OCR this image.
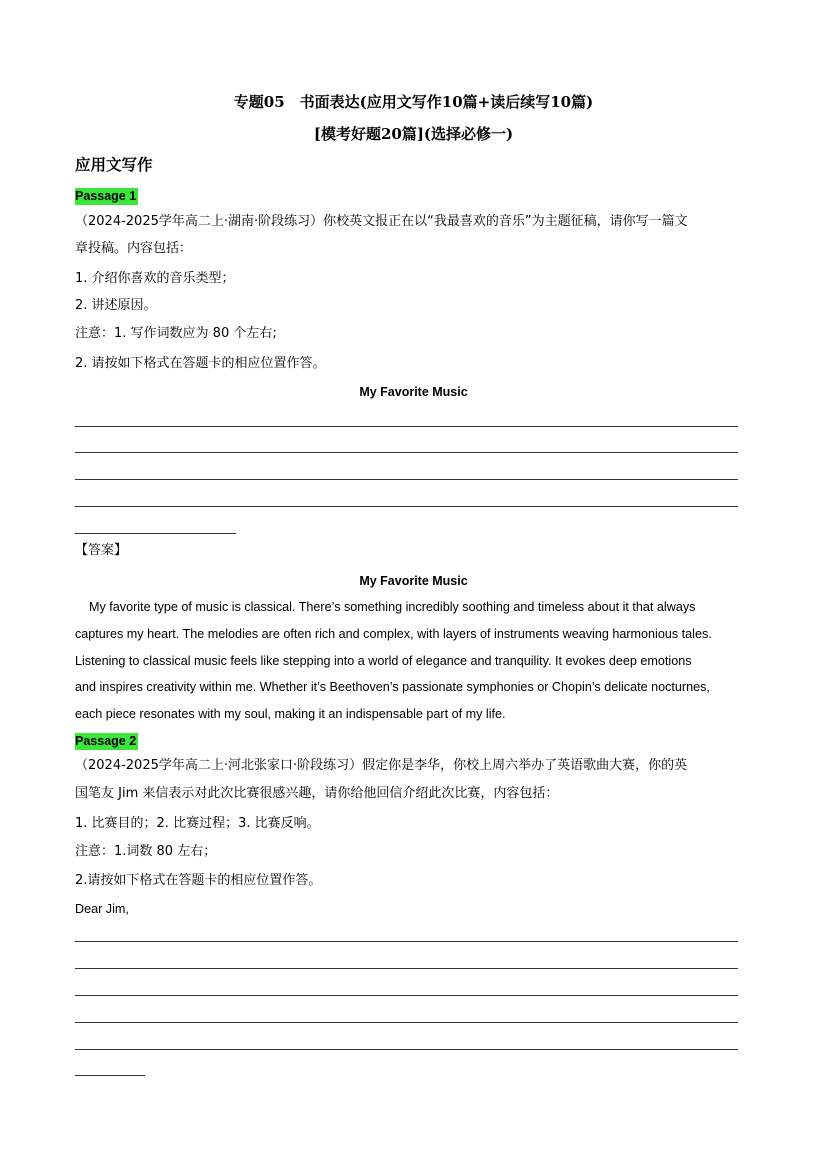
专题05　书面表达(应用文写作10篇+读后续写10篇)
[模考好题20篇](选择必修一)
应用文写作
Passage 1
（2024-2025学年高二上·湖南·阶段练习）你校英文报正在以“我最喜欢的音乐”为主题征稿，请你写一篇文
章投稿。内容包括：
1. 介绍你喜欢的音乐类型；
2. 讲述原因。
注意：1. 写作词数应为 80 个左右;
2. 请按如下格式在答题卡的相应位置作答。
My Favorite Music
【答案】
My Favorite Music
My favorite type of music is classical. There’s something incredibly soothing and timeless about it that always
captures my heart. The melodies are often rich and complex, with layers of instruments weaving harmonious tales.
Listening to classical music feels like stepping into a world of elegance and tranquility. It evokes deep emotions
and inspires creativity within me. Whether it’s Beethoven’s passionate symphonies or Chopin’s delicate nocturnes,
each piece resonates with my soul, making it an indispensable part of my life.
Passage 2
（2024-2025学年高二上·河北张家口·阶段练习）假定你是李华，你校上周六举办了英语歌曲大赛，你的英
国笔友 Jim 来信表示对此次比赛很感兴趣，请你给他回信介绍此次比赛，内容包括：
1. 比赛目的；2. 比赛过程；3. 比赛反响。
注意：1.词数 80 左右；
2.请按如下格式在答题卡的相应位置作答。
Dear Jim,
